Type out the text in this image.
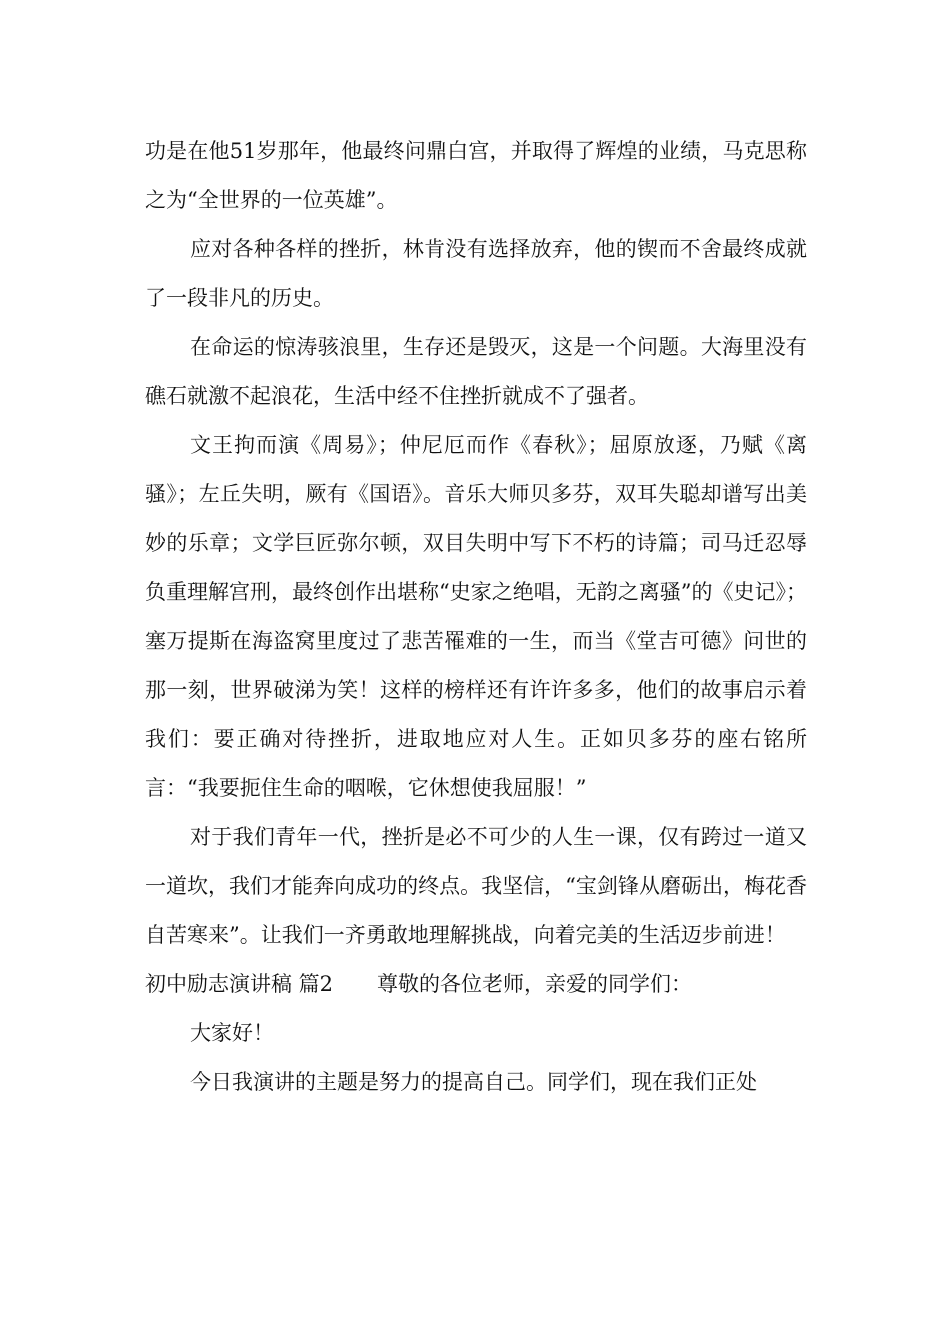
功是在他51岁那年，他最终问鼎白宫，并取得了辉煌的业绩，马克思称之为“全世界的一位英雄”。

应对各种各样的挫折，林肯没有选择放弃，他的锲而不舍最终成就了一段非凡的历史。

在命运的惊涛骇浪里，生存还是毁灭，这是一个问题。大海里没有礁石就激不起浪花，生活中经不住挫折就成不了强者。

文王拘而演《周易》；仲尼厄而作《春秋》；屈原放逐，乃赋《离骚》；左丘失明，厥有《国语》。音乐大师贝多芬，双耳失聪却谱写出美妙的乐章；文学巨匠弥尔顿，双目失明中写下不朽的诗篇；司马迁忍辱负重理解宫刑，最终创作出堪称“史家之绝唱，无韵之离骚”的《史记》；塞万提斯在海盗窝里度过了悲苦罹难的一生，而当《堂吉可德》问世的那一刻，世界破涕为笑！这样的榜样还有许许多多，他们的故事启示着我们：要正确对待挫折，进取地应对人生。正如贝多芬的座右铭所言：“我要扼住生命的咽喉，它休想使我屈服！”

对于我们青年一代，挫折是必不可少的人生一课，仅有跨过一道又一道坎，我们才能奔向成功的终点。我坚信，“宝剑锋从磨砺出，梅花香自苦寒来”。让我们一齐勇敢地理解挑战，向着完美的生活迈步前进！

初中励志演讲稿 篇2 尊敬的各位老师，亲爱的同学们：

大家好！

今日我演讲的主题是努力的提高自己。同学们，现在我们正处
